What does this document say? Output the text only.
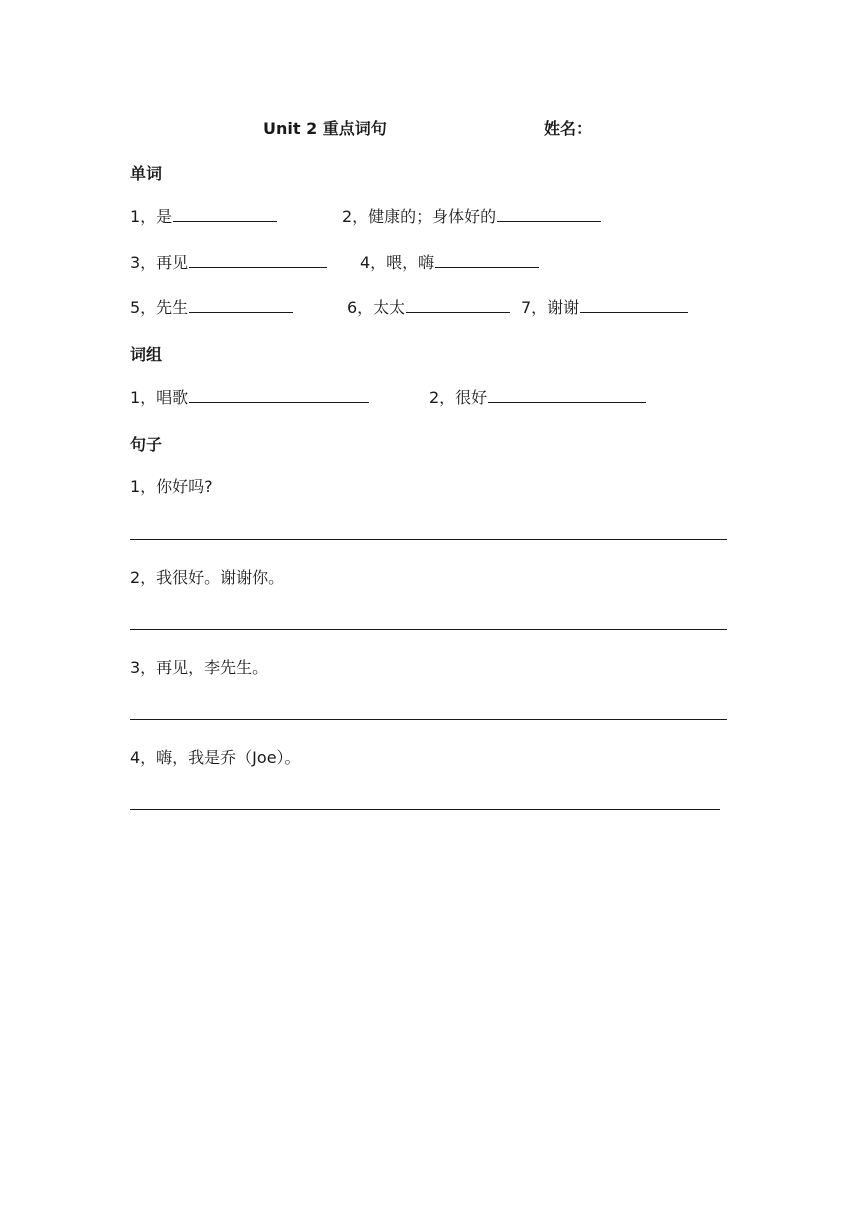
Unit 2 重点词句	姓名：
单词
1，是	2，健康的；身体好的
3，再见	4，喂，嗨
5，先生	6，太太	7，谢谢
词组
1，唱歌	2，很好
句子
1，你好吗?
2，我很好。谢谢你。
3，再见，李先生。
4，嗨，我是乔（Joe）。
